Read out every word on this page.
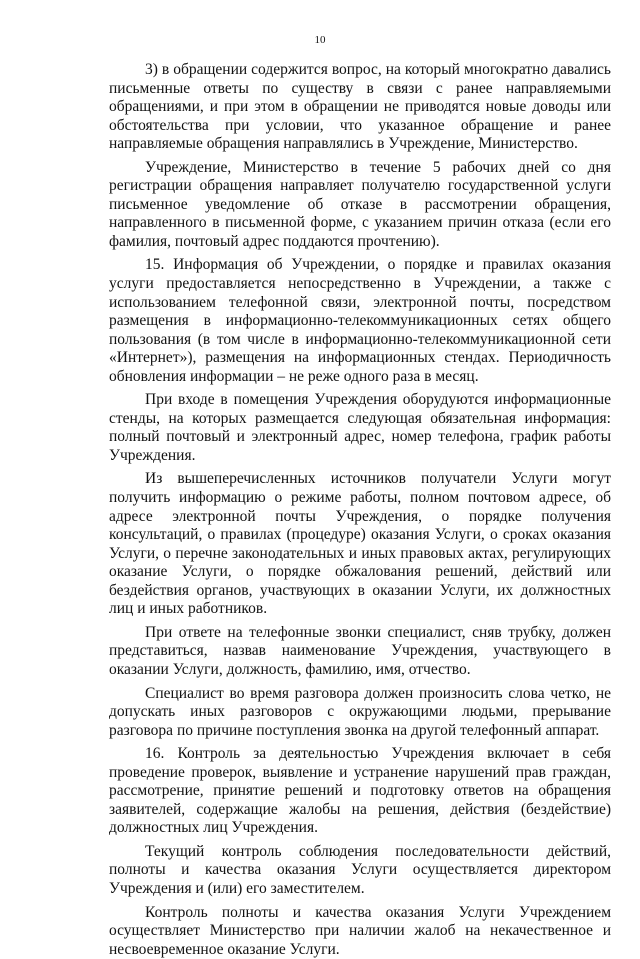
10

3) в обращении содержится вопрос, на который многократно давались письменные ответы по существу в связи с ранее направляемыми обращениями, и при этом в обращении не приводятся новые доводы или обстоятельства при условии, что указанное обращение и ранее направляемые обращения направлялись в Учреждение, Министерство.

Учреждение, Министерство в течение 5 рабочих дней со дня регистрации обращения направляет получателю государственной услуги письменное уведомление об отказе в рассмотрении обращения, направленного в письменной форме, с указанием причин отказа (если его фамилия, почтовый адрес поддаются прочтению).

15. Информация об Учреждении, о порядке и правилах оказания услуги предоставляется непосредственно в Учреждении, а также с использованием телефонной связи, электронной почты, посредством размещения в информационно-телекоммуникационных сетях общего пользования (в том числе в информационно-телекоммуникационной сети «Интернет»), размещения на информационных стендах. Периодичность обновления информации – не реже одного раза в месяц.

При входе в помещения Учреждения оборудуются информационные стенды, на которых размещается следующая обязательная информация: полный почтовый и электронный адрес, номер телефона, график работы Учреждения.

Из вышеперечисленных источников получатели Услуги могут получить информацию о режиме работы, полном почтовом адресе, об адресе электронной почты Учреждения, о порядке получения консультаций, о правилах (процедуре) оказания Услуги, о сроках оказания Услуги, о перечне законодательных и иных правовых актах, регулирующих оказание Услуги, о порядке обжалования решений, действий или бездействия органов, участвующих в оказании Услуги, их должностных лиц и иных работников.

При ответе на телефонные звонки специалист, сняв трубку, должен представиться, назвав наименование Учреждения, участвующего в оказании Услуги, должность, фамилию, имя, отчество.

Специалист во время разговора должен произносить слова четко, не допускать иных разговоров с окружающими людьми, прерывание разговора по причине поступления звонка на другой телефонный аппарат.

16. Контроль за деятельностью Учреждения включает в себя проведение проверок, выявление и устранение нарушений прав граждан, рассмотрение, принятие решений и подготовку ответов на обращения заявителей, содержащие жалобы на решения, действия (бездействие) должностных лиц Учреждения.

Текущий контроль соблюдения последовательности действий, полноты и качества оказания Услуги осуществляется директором Учреждения и (или) его заместителем.

Контроль полноты и качества оказания Услуги Учреждением осуществляет Министерство при наличии жалоб на некачественное и несвоевременное оказание Услуги.
